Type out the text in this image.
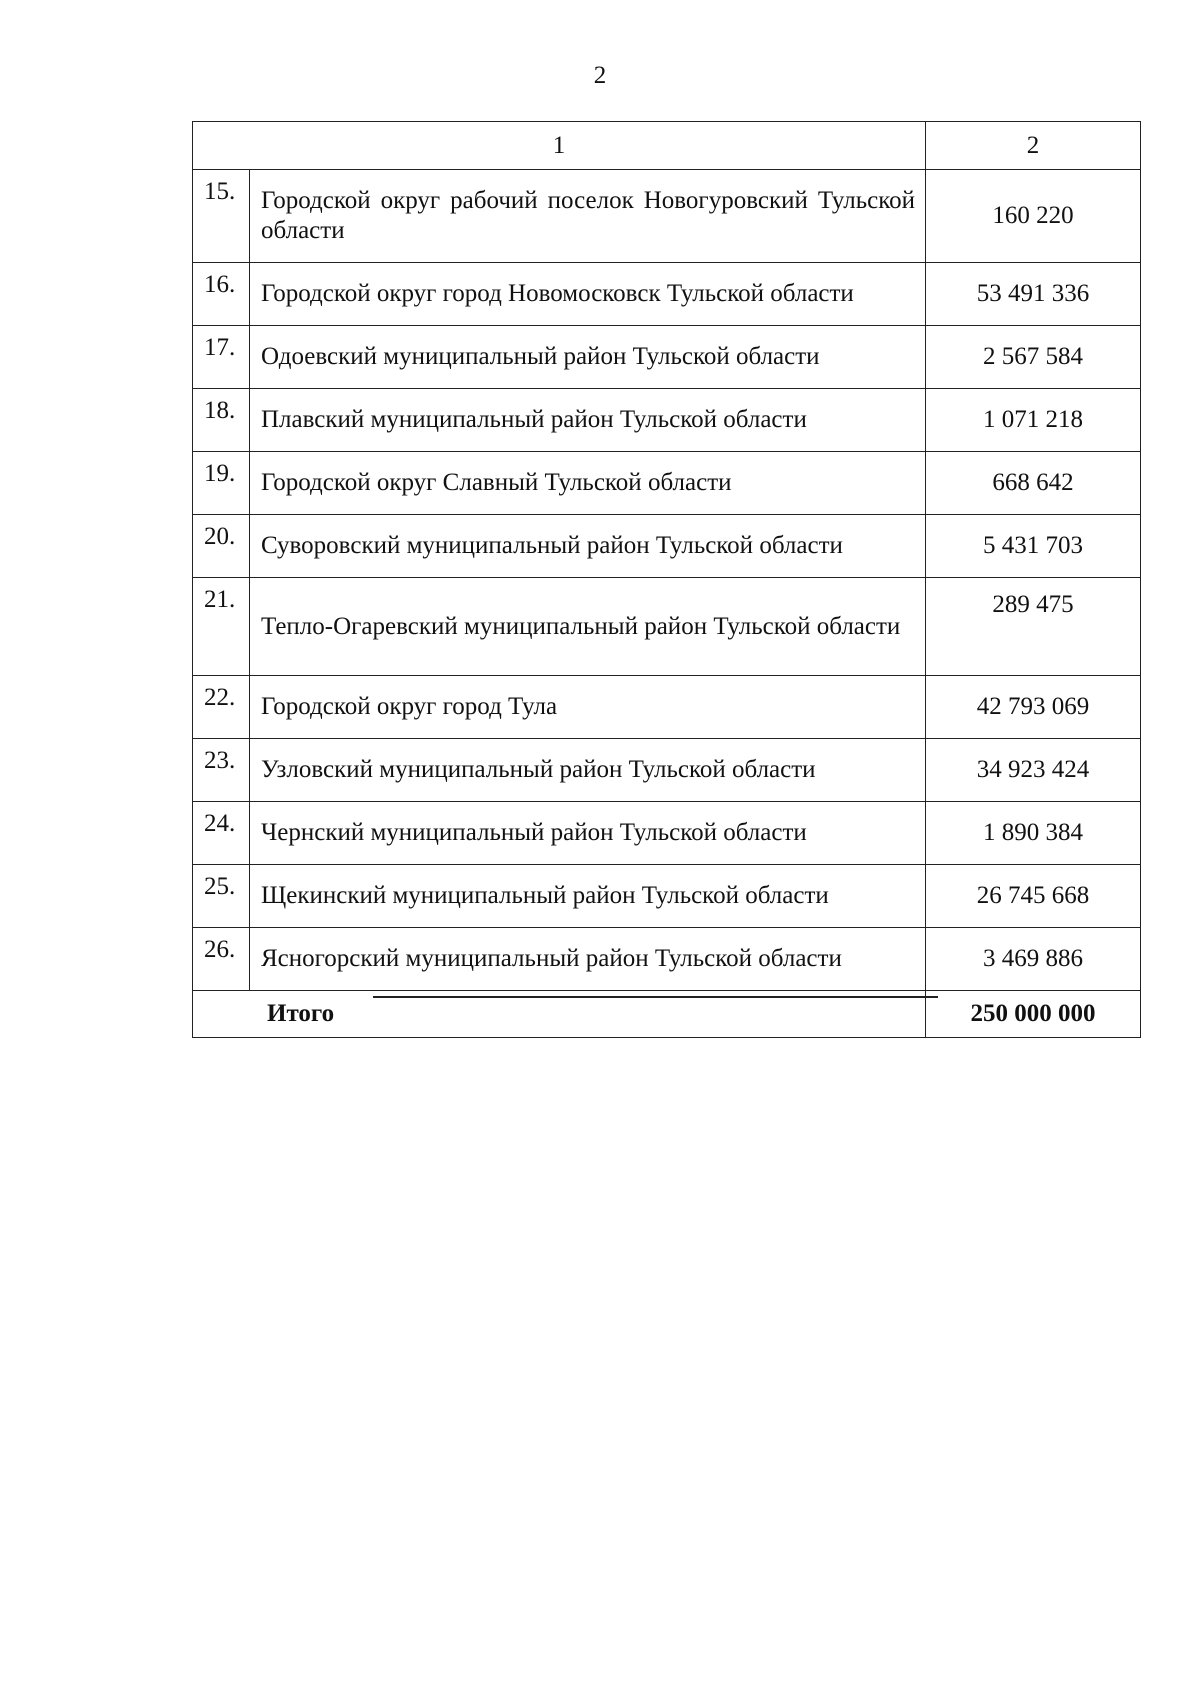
2
1		2
15.	Городской округ рабочий поселок Новогуровский Тульской области	160 220
16.	Городской округ город Новомосковск Тульской области	53 491 336
17.	Одоевский муниципальный район Тульской области	2 567 584
18.	Плавский муниципальный район Тульской области	1 071 218
19.	Городской округ Славный Тульской области	668 642
20.	Суворовский муниципальный район Тульской области	5 431 703
21.	Тепло-Огаревский муниципальный район Тульской области	289 475
22.	Городской округ город Тула	42 793 069
23.	Узловский муниципальный район Тульской области	34 923 424
24.	Чернский муниципальный район Тульской области	1 890 384
25.	Щекинский муниципальный район Тульской области	26 745 668
26.	Ясногорский муниципальный район Тульской области	3 469 886
Итого		250 000 000
